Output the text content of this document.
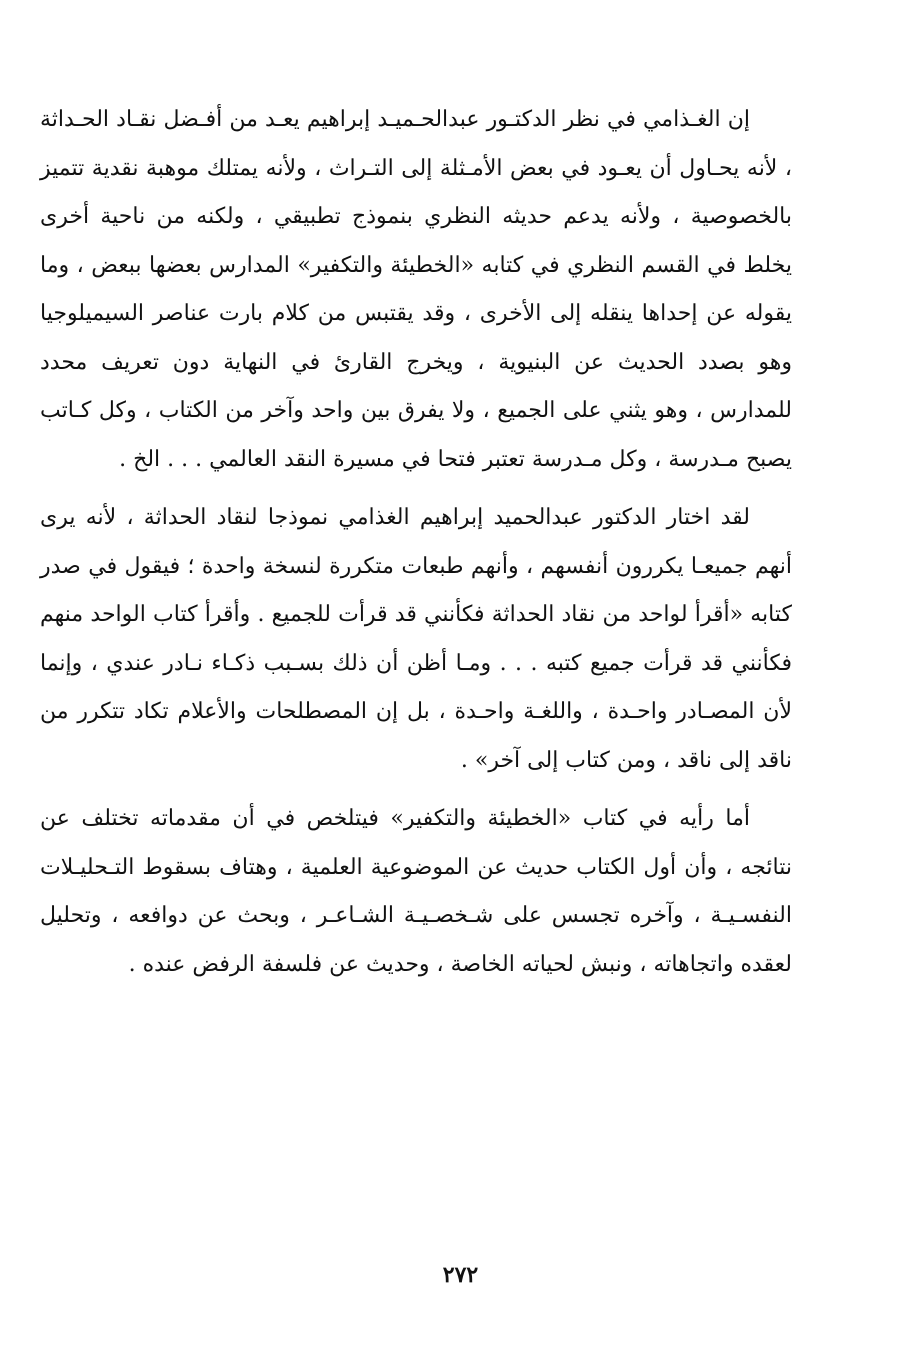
إن الغـذامي في نظر الدكتـور عبدالحـميـد إبراهيم يعـد من أفـضل نقـاد الحـداثة ، لأنه يحـاول أن يعـود في بعض الأمـثلة إلى التـراث ، ولأنه يمتلك موهبة نقدية تتميز بالخصوصية ، ولأنه يدعم حديثه النظري بنموذج تطبيقي ، ولكنه من ناحية أخرى يخلط في القسم النظري في كتابه «الخطيئة والتكفير» المدارس بعضها ببعض ، وما يقوله عن إحداها ينقله إلى الأخرى ، وقد يقتبس من كلام بارت عناصر السيميلوجيا وهو بصدد الحديث عن البنيوية ، ويخرج القارئ في النهاية دون تعريف محدد للمدارس ، وهو يثني على الجميع ، ولا يفرق بين واحد وآخر من الكتاب ، وكل كـاتب يصبح مـدرسة ، وكل مـدرسة تعتبر فتحا في مسيرة النقد العالمي . . . الخ .

لقد اختار الدكتور عبدالحميد إبراهيم الغذامي نموذجا لنقاد الحداثة ، لأنه يرى أنهم جميعـا يكررون أنفسهم ، وأنهم طبعات متكررة لنسخة واحدة ؛ فيقول في صدر كتابه «أقرأ لواحد من نقاد الحداثة فكأنني قد قرأت للجميع . وأقرأ كتاب الواحد منهم فكأنني قد قرأت جميع كتبه . . . ومـا أظن أن ذلك بسـبب ذكـاء نـادر عندي ، وإنما لأن المصـادر واحـدة ، واللغـة واحـدة ، بل إن المصطلحات والأعلام تكاد تتكرر من ناقد إلى ناقد ، ومن كتاب إلى آخر» .

أما رأيه في كتاب «الخطيئة والتكفير» فيتلخص في أن مقدماته تختلف عن نتائجه ، وأن أول الكتاب حديث عن الموضوعية العلمية ، وهتاف بسقوط التـحليـلات النفسـيـة ، وآخره تجسس على شـخصـيـة الشـاعـر ، وبحث عن دوافعه ، وتحليل لعقده واتجاهاته ، ونبش لحياته الخاصة ، وحديث عن فلسفة الرفض عنده .

٢٧٢
